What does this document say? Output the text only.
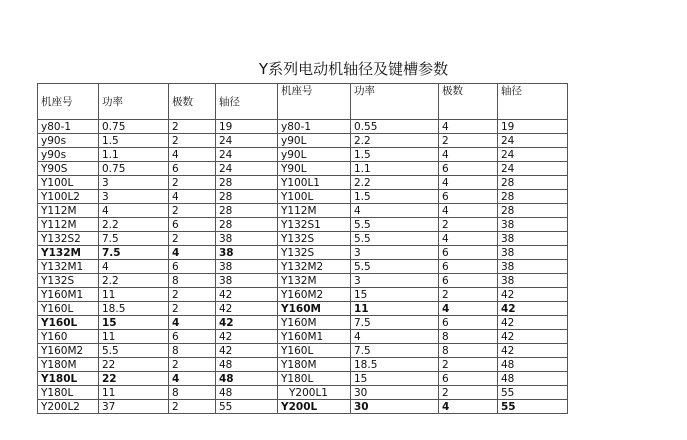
Y系列电动机轴径及键槽参数
机座号	功率	极数	轴径	机座号	功率	极数	轴径
y80-1	0.75	2	19	y80-1	0.55	4	19
y90s	1.5	2	24	y90L	2.2	2	24
y90s	1.1	4	24	y90L	1.5	4	24
Y90S	0.75	6	24	Y90L	1.1	6	24
Y100L	3	2	28	Y100L1	2.2	4	28
Y100L2	3	4	28	Y100L	1.5	6	28
Y112M	4	2	28	Y112M	4	4	28
Y112M	2.2	6	28	Y132S1	5.5	2	38
Y132S2	7.5	2	38	Y132S	5.5	4	38
Y132M	7.5	4	38	Y132S	3	6	38
Y132M1	4	6	38	Y132M2	5.5	6	38
Y132S	2.2	8	38	Y132M	3	6	38
Y160M1	11	2	42	Y160M2	15	2	42
Y160L	18.5	2	42	Y160M	11	4	42
Y160L	15	4	42	Y160M	7.5	6	42
Y160	11	6	42	Y160M1	4	8	42
Y160M2	5.5	8	42	Y160L	7.5	8	42
Y180M	22	2	48	Y180M	18.5	2	48
Y180L	22	4	48	Y180L	15	6	48
Y180L	11	8	48	Y200L1	30	2	55
Y200L2	37	2	55	Y200L	30	4	55
